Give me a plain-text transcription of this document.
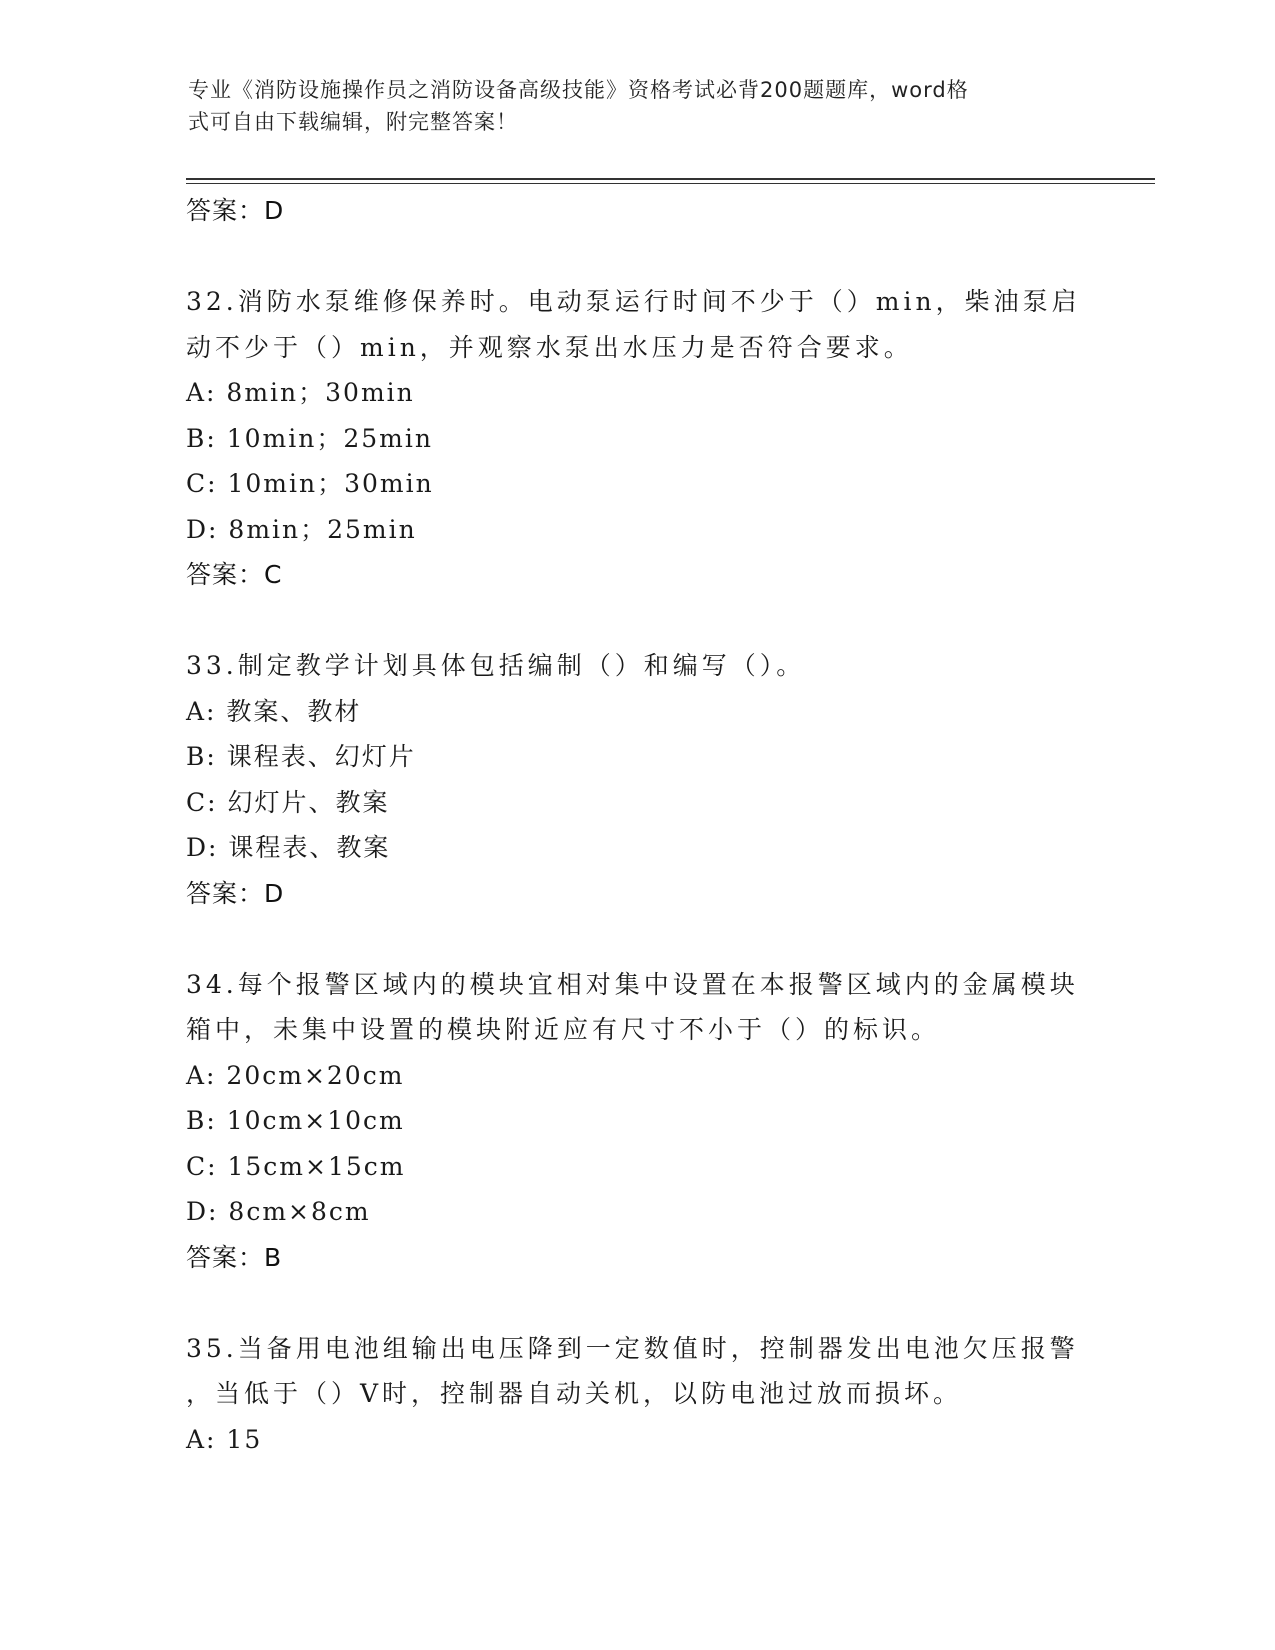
专业《消防设施操作员之消防设备高级技能》资格考试必背200题题库，word格
式可自由下载编辑，附完整答案！
答案：D
32.消防水泵维修保养时。电动泵运行时间不少于（）min，柴油泵启
动不少于（）min，并观察水泵出水压力是否符合要求。
A: 8min；30min
B: 10min；25min
C: 10min；30min
D: 8min；25min
答案：C
33.制定教学计划具体包括编制（）和编写（）。
A: 教案、教材
B: 课程表、幻灯片
C: 幻灯片、教案
D: 课程表、教案
答案：D
34.每个报警区域内的模块宜相对集中设置在本报警区域内的金属模块
箱中，未集中设置的模块附近应有尺寸不小于（）的标识。
A: 20cm×20cm
B: 10cm×10cm
C: 15cm×15cm
D: 8cm×8cm
答案：B
35.当备用电池组输出电压降到一定数值时，控制器发出电池欠压报警
，当低于（）V时，控制器自动关机，以防电池过放而损坏。
A: 15
